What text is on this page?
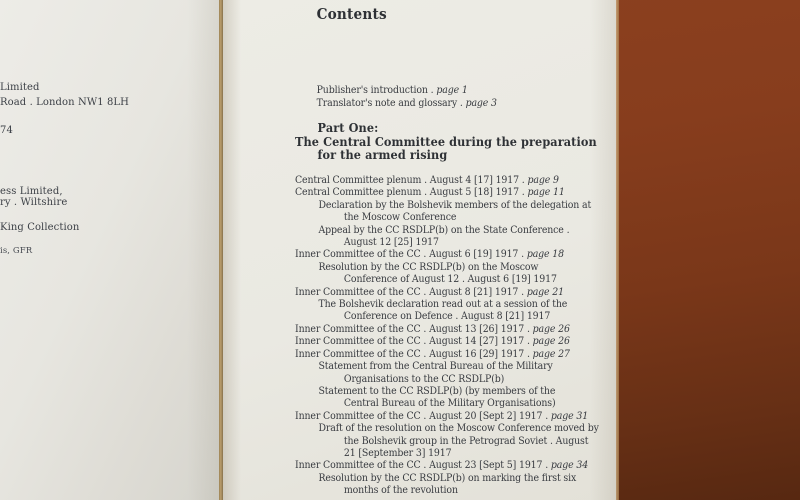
Limited
Road . London NW1 8LH
74
ess Limited,
ry . Wiltshire
King Collection
is, GFR
Contents
Publisher's introduction . page 1
Translator's note and glossary . page 3
Part One:
The Central Committee during the preparation
for the armed rising
Central Committee plenum . August 4 [17] 1917 . page 9
Central Committee plenum . August 5 [18] 1917 . page 11
Declaration by the Bolshevik members of the delegation at
the Moscow Conference
Appeal by the CC RSDLP(b) on the State Conference .
August 12 [25] 1917
Inner Committee of the CC . August 6 [19] 1917 . page 18
Resolution by the CC RSDLP(b) on the Moscow
Conference of August 12 . August 6 [19] 1917
Inner Committee of the CC . August 8 [21] 1917 . page 21
The Bolshevik declaration read out at a session of the
Conference on Defence . August 8 [21] 1917
Inner Committee of the CC . August 13 [26] 1917 . page 26
Inner Committee of the CC . August 14 [27] 1917 . page 26
Inner Committee of the CC . August 16 [29] 1917 . page 27
Statement from the Central Bureau of the Military
Organisations to the CC RSDLP(b)
Statement to the CC RSDLP(b) (by members of the
Central Bureau of the Military Organisations)
Inner Committee of the CC . August 20 [Sept 2] 1917 . page 31
Draft of the resolution on the Moscow Conference moved by
the Bolshevik group in the Petrograd Soviet . August
21 [September 3] 1917
Inner Committee of the CC . August 23 [Sept 5] 1917 . page 34
Resolution by the CC RSDLP(b) on marking the first six
months of the revolution
